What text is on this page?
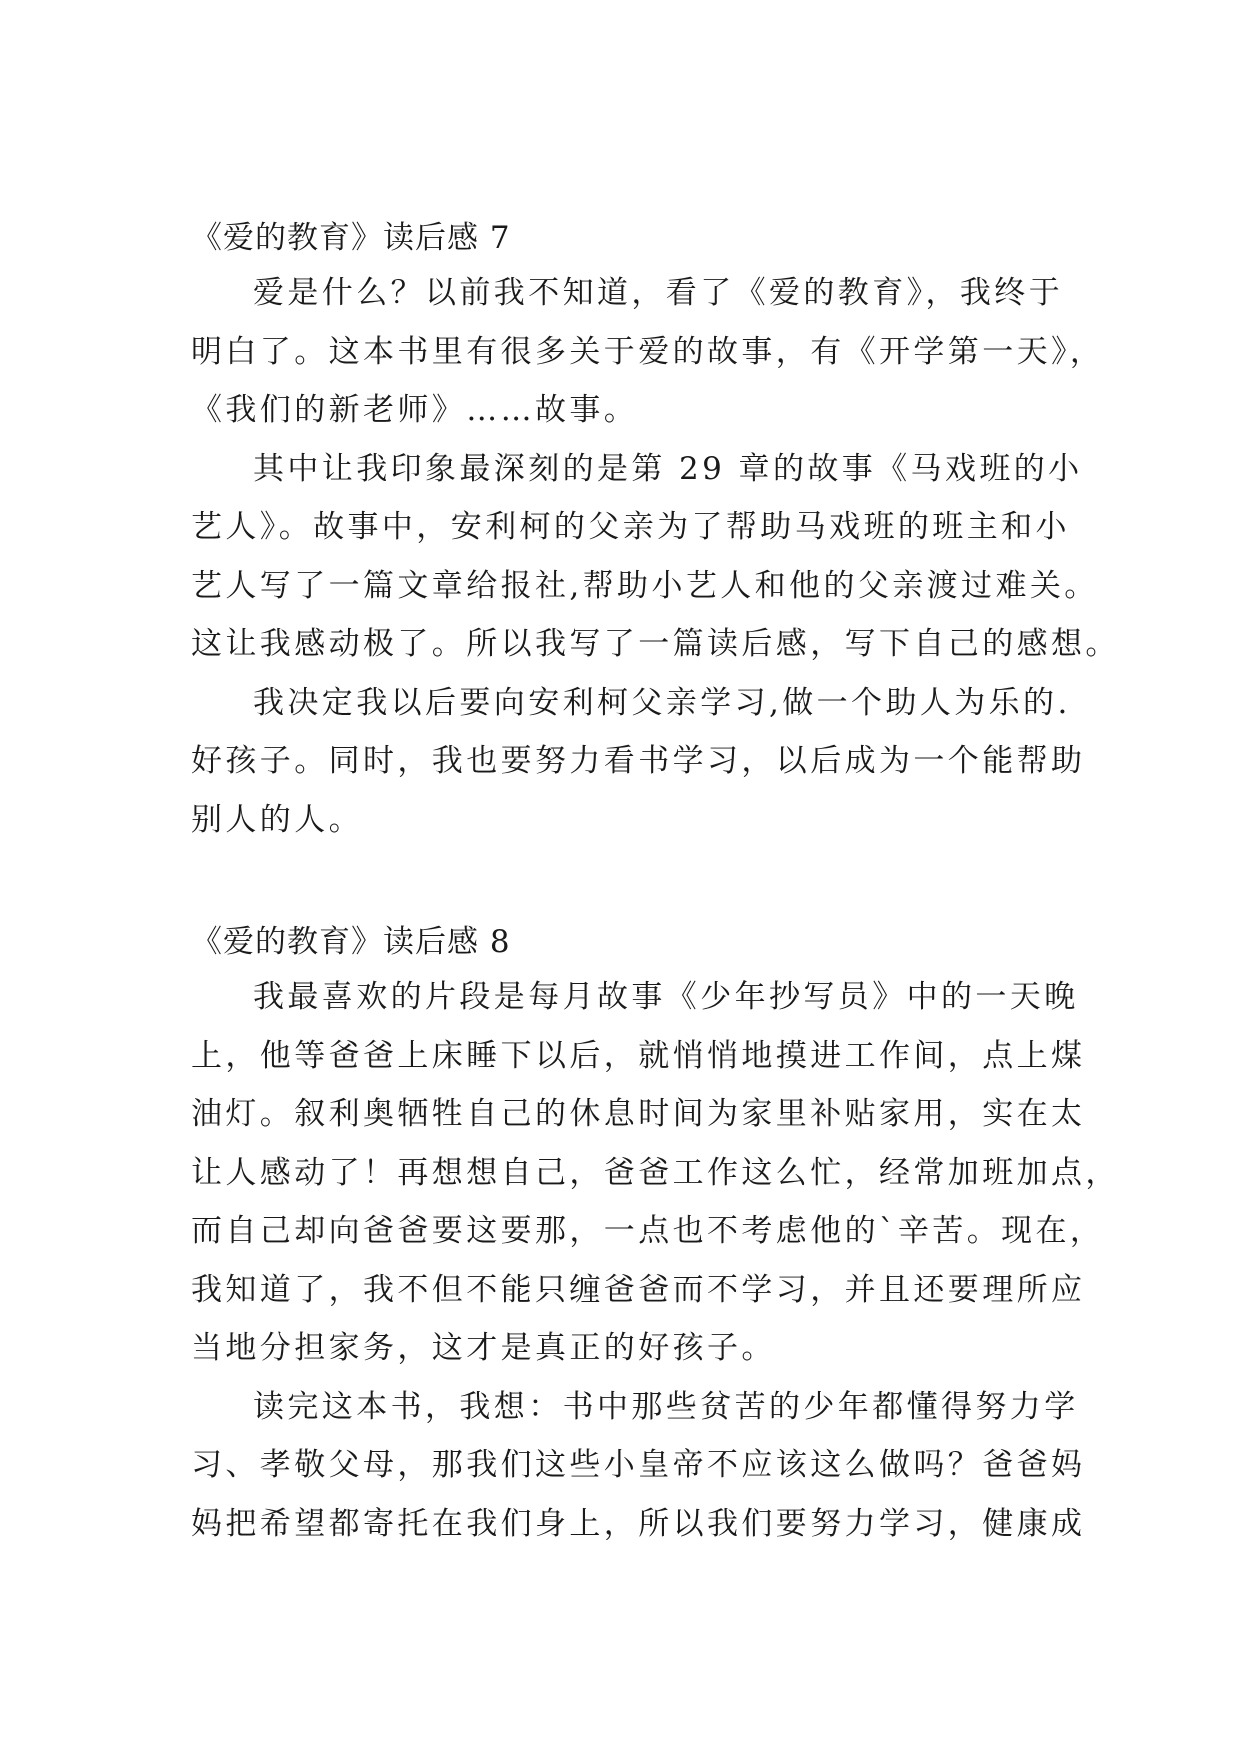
《爱的教育》读后感 7

爱是什么？以前我不知道，看了《爱的教育》，我终于
明白了。这本书里有很多关于爱的故事，有《开学第一天》，
《我们的新老师》……故事。

其中让我印象最深刻的是第 29 章的故事《马戏班的小
艺人》。故事中，安利柯的父亲为了帮助马戏班的班主和小
艺人写了一篇文章给报社,帮助小艺人和他的父亲渡过难关。
这让我感动极了。所以我写了一篇读后感，写下自己的感想。

我决定我以后要向安利柯父亲学习,做一个助人为乐的.
好孩子。同时，我也要努力看书学习，以后成为一个能帮助
别人的人。

《爱的教育》读后感 8

我最喜欢的片段是每月故事《少年抄写员》中的一天晚
上，他等爸爸上床睡下以后，就悄悄地摸进工作间，点上煤
油灯。叙利奥牺牲自己的休息时间为家里补贴家用，实在太
让人感动了！再想想自己，爸爸工作这么忙，经常加班加点，
而自己却向爸爸要这要那，一点也不考虑他的`辛苦。现在，
我知道了，我不但不能只缠爸爸而不学习，并且还要理所应
当地分担家务，这才是真正的好孩子。

读完这本书，我想：书中那些贫苦的少年都懂得努力学
习、孝敬父母，那我们这些小皇帝不应该这么做吗？爸爸妈
妈把希望都寄托在我们身上，所以我们要努力学习，健康成
